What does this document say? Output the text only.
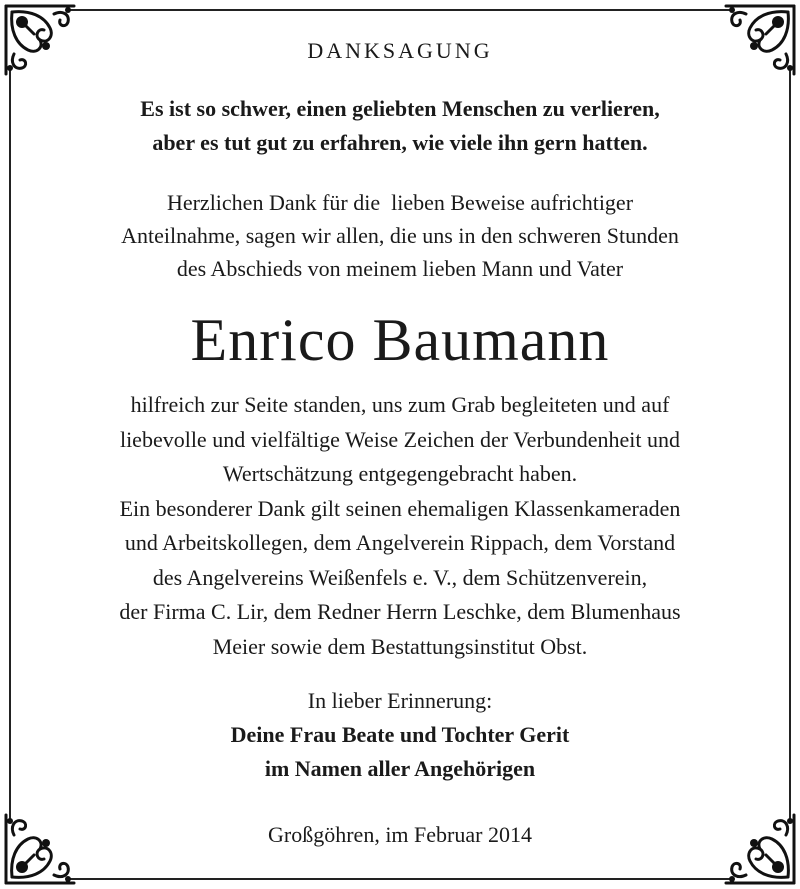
DANKSAGUNG
Es ist so schwer, einen geliebten Menschen zu verlieren,
aber es tut gut zu erfahren, wie viele ihn gern hatten.
Herzlichen Dank für die  lieben Beweise aufrichtiger
Anteilnahme, sagen wir allen, die uns in den schweren Stunden
des Abschieds von meinem lieben Mann und Vater
Enrico Baumann
hilfreich zur Seite standen, uns zum Grab begleiteten und auf
liebevolle und vielfältige Weise Zeichen der Verbundenheit und
Wertschätzung entgegengebracht haben.
Ein besonderer Dank gilt seinen ehemaligen Klassenkameraden
und Arbeitskollegen, dem Angelverein Rippach, dem Vorstand
des Angelvereins Weißenfels e. V., dem Schützenverein,
der Firma C. Lir, dem Redner Herrn Leschke, dem Blumenhaus
Meier sowie dem Bestattungsinstitut Obst.
In lieber Erinnerung:
Deine Frau Beate und Tochter Gerit
im Namen aller Angehörigen
Großgöhren, im Februar 2014
